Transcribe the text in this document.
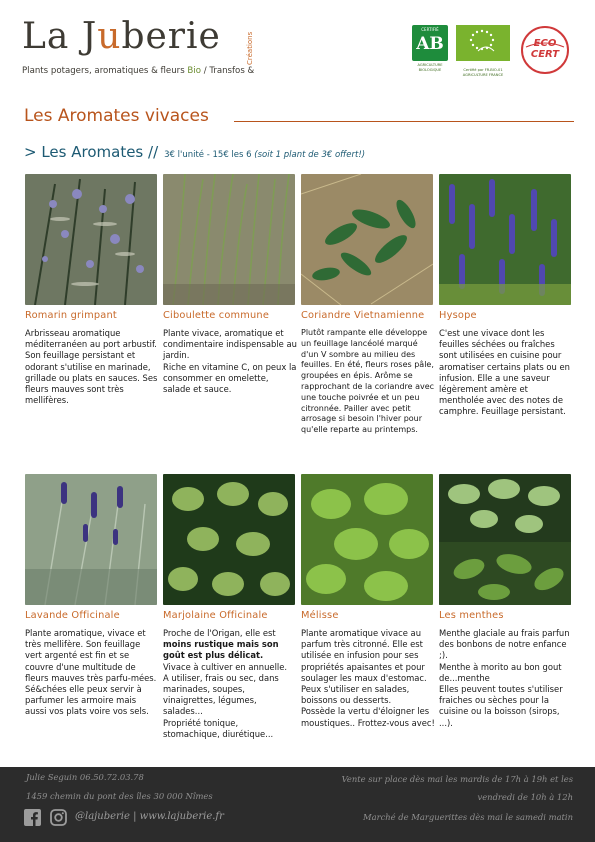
La Juberie	Créations
Plants potagers, aromatiques & fleurs Bio / Transfos &
CERTIFIÉ
AB
AGRICULTURE BIOLOGIQUE	Certifié par FR-BIO-01 AGRICULTURE FRANCE
ECO
CERT
Les Aromates vivaces
> Les Aromates // 3€ l'unité - 15€ les 6 (soit 1 plant de 3€ offert!)
Romarin grimpant

Arbrisseau aromatique méditerranéen au port arbustif. Son feuillage persistant et odorant s'utilise en marinade, grillade ou plats en sauces. Ses fleurs mauves sont très mellifères.

Ciboulette commune

Plante vivace, aromatique et condimentaire indispensable au jardin.

Riche en vitamine C, on peux la consommer en omelette, salade et sauce.

Coriandre Vietnamienne

Plutôt rampante elle développe un feuillage lancéolé marqué d'un V sombre au milieu des feuilles. En été, fleurs roses pâle, groupées en épis. Arôme se rapprochant de la coriandre avec une touche poivrée et un peu citronnée. Pailler avec petit arrosage si besoin l'hiver pour qu'elle reparte au printemps.

Hysope

C'est une vivace dont les feuilles séchées ou fraîches sont utilisées en cuisine pour aromatiser certains plats ou en infusion. Elle a une saveur légèrement amère et mentholée avec des notes de camphre. Feuillage persistant.

Lavande Officinale

Plante aromatique, vivace et très mellifère. Son feuillage vert argenté est fin et se couvre d'une multitude de fleurs mauves très parfu-mées. Sé&chées elle peux servir à parfumer les armoire mais aussi vos plats voire vos sels.

Marjolaine Officinale

Proche de l'Origan, elle est moins rustique mais son goût est plus délicat.

Vivace à cultiver en annuelle.

A utiliser, frais ou sec, dans marinades, soupes, vinaigrettes, légumes, salades...

Propriété tonique, stomachique, diurétique...

Mélisse

Plante aromatique vivace au parfum très citronné. Elle est utilisée en infusion pour ses propriétés apaisantes et pour soulager les maux d'estomac. Peux s'utiliser en salades, boissons ou desserts.

Possède la vertu d'éloigner les moustiques.. Frottez-vous avec!

Les menthes

Menthe glaciale au frais parfun des bonbons de notre enfance ;).

Menthe à morito au bon gout de...menthe

Elles peuvent toutes s'utiliser fraiches ou sèches pour la cuisine ou la boisson (sirops, ...).

Julie Seguin 06.50.72.03.78
1459 chemin du pont des îles 30 000 Nîmes
@lajuberie | www.lajuberie.fr
Vente sur place dès mai les mardis de 17h à 19h et les
vendredi de 10h à 12h
Marché de Marguerittes dès mai le samedi matin
